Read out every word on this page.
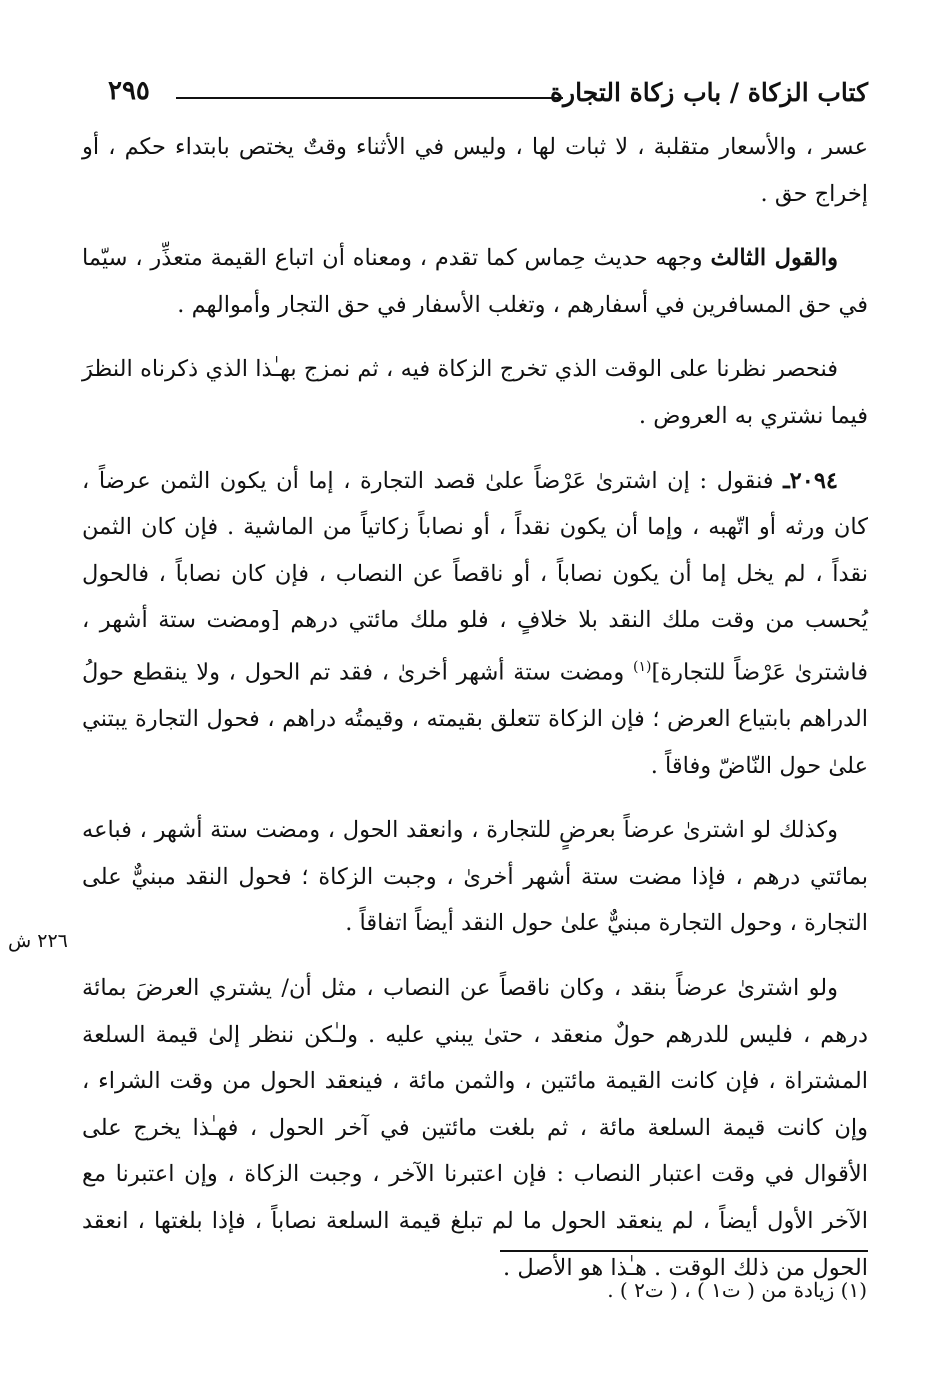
كتاب الزكاة / باب زكاة التجارة
٢٩٥

عسر ، والأسعار متقلبة ، لا ثبات لها ، وليس في الأثناء وقتٌ يختص بابتداء حكم ، أو إخراج حق .

والقول الثالث وجهه حديث حِماس كما تقدم ، ومعناه أن اتباع القيمة متعذِّر ، سيّما في حق المسافرين في أسفارهم ، وتغلب الأسفار في حق التجار وأموالهم .

فنحصر نظرنا على الوقت الذي تخرج الزكاة فيه ، ثم نمزج بهـٰذا الذي ذكرناه النظرَ فيما نشتري به العروض .

٢٠٩٤ـ فنقول : إن اشترىٰ عَرْضاً علىٰ قصد التجارة ، إما أن يكون الثمن عرضاً ، كان ورثه أو اتّهبه ، وإما أن يكون نقداً ، أو نصاباً زكاتياً من الماشية . فإن كان الثمن نقداً ، لم يخل إما أن يكون نصاباً ، أو ناقصاً عن النصاب ، فإن كان نصاباً ، فالحول يُحسب من وقت ملك النقد بلا خلافٍ ، فلو ملك مائتي درهم [ومضت ستة أشهر ، فاشترىٰ عَرْضاً للتجارة]$^{(١)}$ ومضت ستة أشهر أخرىٰ ، فقد تم الحول ، ولا ينقطع حولُ الدراهم بابتياع العرض ؛ فإن الزكاة تتعلق بقيمته ، وقيمتُه دراهم ، فحول التجارة يبتني علىٰ حول النّاضّ وفاقاً .

وكذلك لو اشترىٰ عرضاً بعرضٍ للتجارة ، وانعقد الحول ، ومضت ستة أشهر ، فباعه بمائتي درهم ، فإذا مضت ستة أشهر أخرىٰ ، وجبت الزكاة ؛ فحول النقد مبنيٌّ على التجارة ، وحول التجارة مبنيٌّ علىٰ حول النقد أيضاً اتفاقاً .

ولو اشترىٰ عرضاً بنقد ، وكان ناقصاً عن النصاب ، مثل أن/ يشتري العرضَ بمائة درهم ، فليس للدرهم حولٌ منعقد ، حتىٰ يبني عليه . ولـٰكن ننظر إلىٰ قيمة السلعة المشتراة ، فإن كانت القيمة مائتين ، والثمن مائة ، فينعقد الحول من وقت الشراء ، وإن كانت قيمة السلعة مائة ، ثم بلغت مائتين في آخر الحول ، فهـٰذا يخرج على الأقوال في وقت اعتبار النصاب : فإن اعتبرنا الآخر ، وجبت الزكاة ، وإن اعتبرنا مع الآخر الأول أيضاً ، لم ينعقد الحول ما لم تبلغ قيمة السلعة نصاباً ، فإذا بلغتها ، انعقد الحول من ذلك الوقت . هـٰذا هو الأصل .

٢٢٦ ش
(١) زيادة من ( ت١ ) ، ( ت٢ ) .
